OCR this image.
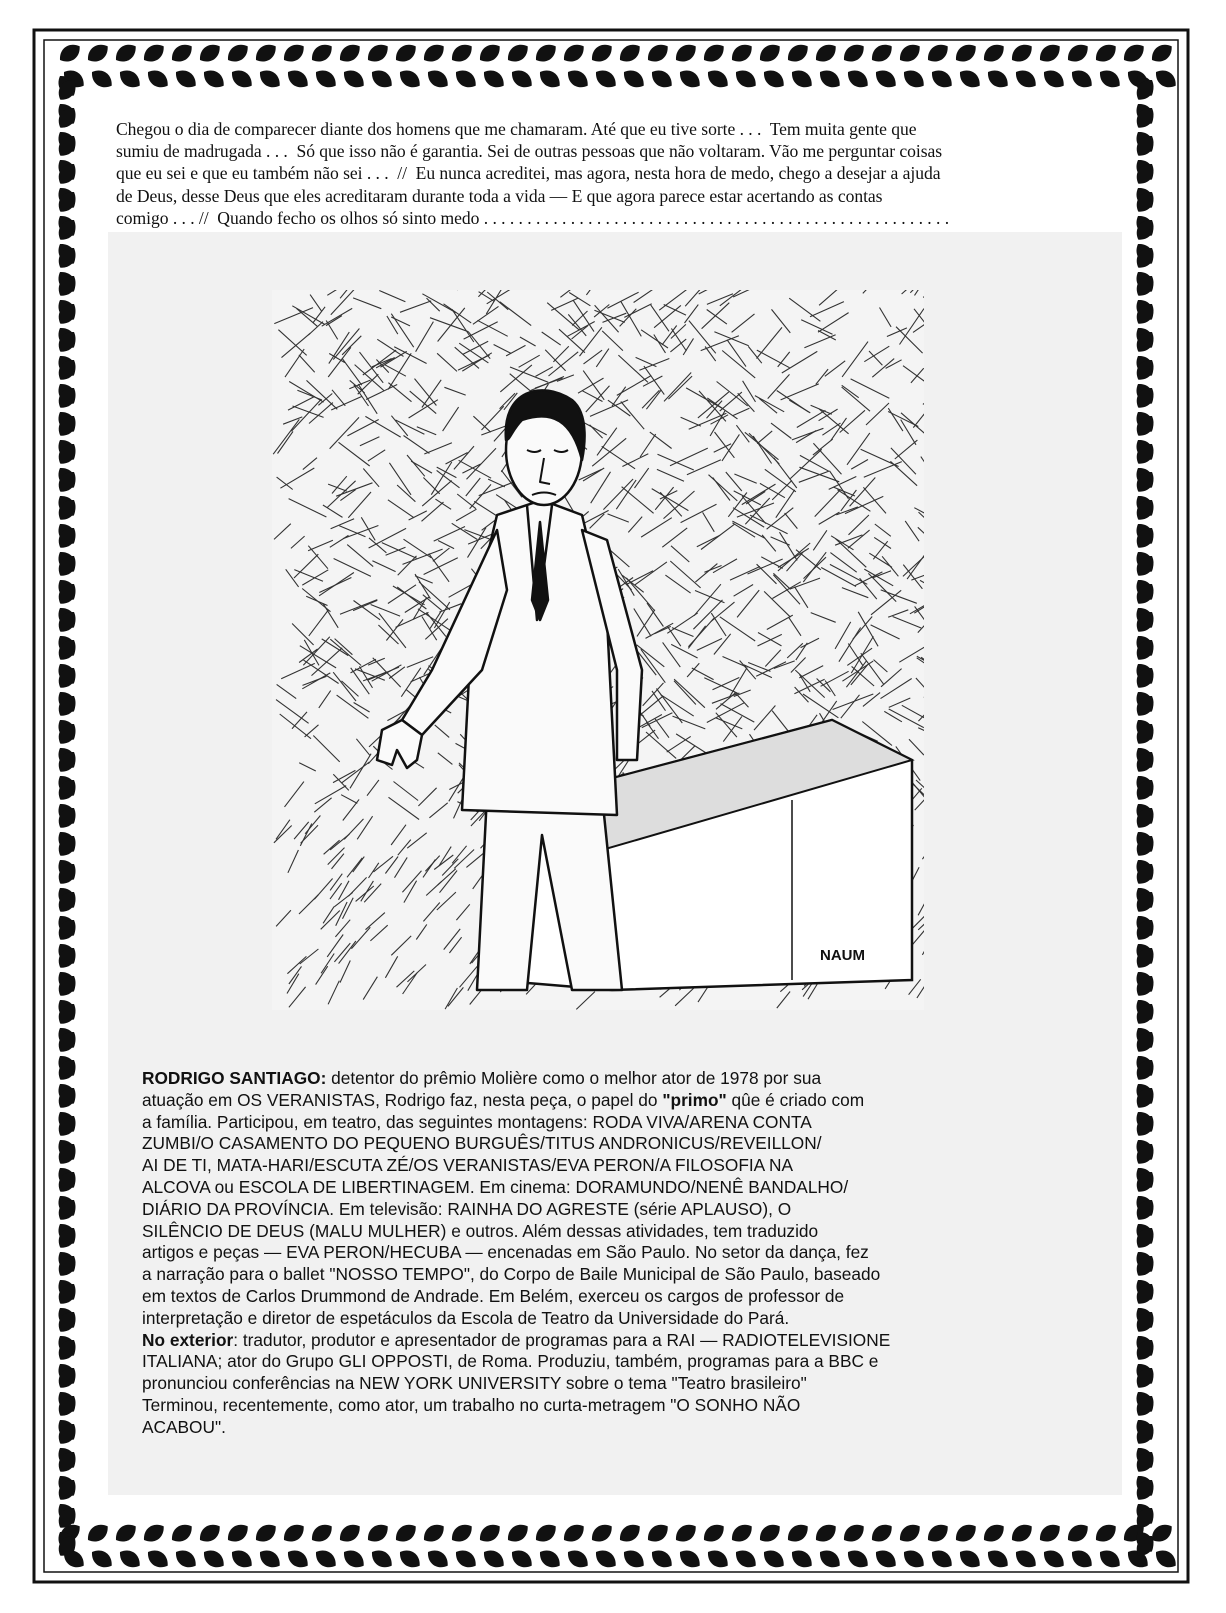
Chegou o dia de comparecer diante dos homens que me chamaram. Até que eu tive sorte . . .  Tem muita gente que
sumiu de madrugada . . .  Só que isso não é garantia. Sei de outras pessoas que não voltaram. Vão me perguntar coisas
que eu sei e que eu também não sei . . .  //  Eu nunca acreditei, mas agora, nesta hora de medo, chego a desejar a ajuda
de Deus, desse Deus que eles acreditaram durante toda a vida — E que agora parece estar acertando as contas
comigo . . . //  Quando fecho os olhos só sinto medo . . . . . . . . . . . . . . . . . . . . . . . . . . . . . . . . . . . . . . . . . . . . . . . . . . . . . .
NAUM
RODRIGO SANTIAGO: detentor do prêmio Molière como o melhor ator de 1978 por sua
atuação em OS VERANISTAS, Rodrigo faz, nesta peça, o papel do "primo" qûe é criado com
a família. Participou, em teatro, das seguintes montagens: RODA VIVA/ARENA CONTA
ZUMBI/O CASAMENTO DO PEQUENO BURGUÊS/TITUS ANDRONICUS/REVEILLON/
AI DE TI, MATA-HARI/ESCUTA ZÉ/OS VERANISTAS/EVA PERON/A FILOSOFIA NA
ALCOVA ou ESCOLA DE LIBERTINAGEM. Em cinema: DORAMUNDO/NENÊ BANDALHO/
DIÁRIO DA PROVÍNCIA. Em televisão: RAINHA DO AGRESTE (série APLAUSO), O
SILÊNCIO DE DEUS (MALU MULHER) e outros. Além dessas atividades, tem traduzido
artigos e peças — EVA PERON/HECUBA — encenadas em São Paulo. No setor da dança, fez
a narração para o ballet "NOSSO TEMPO", do Corpo de Baile Municipal de São Paulo, baseado
em textos de Carlos Drummond de Andrade. Em Belém, exerceu os cargos de professor de
interpretação e diretor de espetáculos da Escola de Teatro da Universidade do Pará.
No exterior: tradutor, produtor e apresentador de programas para a RAI — RADIOTELEVISIONE
ITALIANA; ator do Grupo GLI OPPOSTI, de Roma. Produziu, também, programas para a BBC e
pronunciou conferências na NEW YORK UNIVERSITY sobre o tema "Teatro brasileiro"
Terminou, recentemente, como ator, um trabalho no curta-metragem "O SONHO NÃO
ACABOU".
